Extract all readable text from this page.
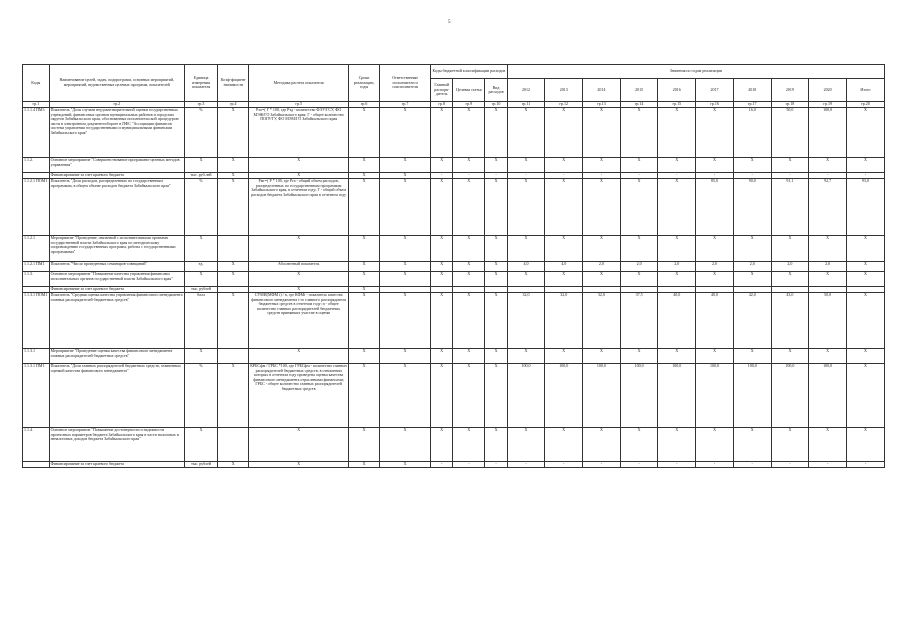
5
Коды	Наименование целей, задач, подпрограмм, основных мероприятий, мероприятий, ведомственных целевых программ, показателей	Единица измерения показателя	Коэф-фициент значимости	Методика расчета показателя	Сроки реализации, годы	Ответственные исполнители и соисполнители	Коды бюджетной классификации расходов			Значения по годам реализации									
							Главный распоря- дитель	Целевая статья	Вид расходов	2012	2013	2014	2015	2016	2017	2018	2019	2020	Итого
гр.1	гр.2	гр.3	гр.4	гр.5	гр.6	гр.7	гр.8	гр.9	гр.10	гр.11	гр.12	гр.13	гр.14	гр.15	гр.16	гр.17	гр.18	гр.19	гр.20
1.1.1.4 ПМ3	Показатель "Доля случаев неудовлетворительной оценки государственных учреждений, финансовых органов муниципальных районов и городских округов Забайкальского края, обоснованных исполнительской процедурою части в электронном документообороте в ПФС "Ассоциации финансов система управления государственными и муниципальными финансами Забайкальского края"	%	X	Рэо=( Г * 100, где Рэд - количество ФЭУ/ГСУ, ФО МЭЖ/ГО Забайкальского края; Г - общее количество ПОГР/ГУ, ФО МЭМ/ГО Забайкальского края	X	X	X	X	X	X	X	X	X	X	X	16,0	50,0	100,0	X
1.1.2.	Основное мероприятие "Совершенствование программно-целевых методов управления"	X	X	X	X	X	X	X	X	X	X	X	X	X	X	X	X	X	X
	Финансирование за счет краевого бюджета	тыс. руб.лей	X	X	X	X	-	-	-	-	-	-	-	-	-	-	-	-	-
1.1.2.1 ПОМ1	Показатель "Доля расходов, распределенных по государственным программам, в общем объеме расходов бюджета Забайкальского края"	%	X	Рмг=( Р * 100, где Рга - общий объем расходов, распределенных по государственным программам Забайкальского края, в отчетном году; Г - общий объем расходов бюджета Забайкальского края в отчетном году	X	X	X	X	X	X	X	X	X	X	85,0	90,0	91,1	92,7	93,0
1.1.2.1	Мероприятие "Проведение, связанной с исполнительными органами государственной власти Забайкальского края по методическому сопровождению государственных программ, работы с государственными программами"	X		X	X	X	X	X	X	X	X	X	X	X	X	X	X	X	X
1.1.2.1 ПМ1	Показатель "Число проведенных семинаров-совещаний"	ед.	X	Абсолютный показатель	X	X	X	X	X	4,0	4,0	2,0	2,0	2,0	2,0	2,0	2,0	2,0	X
1.1.3.	Основное мероприятие "Повышение качества управления финансами исполнительных органов государственной власти Забайкальского края"	X	X	X	X	X	X	X	X	X	X	X	X	X	X	X	X	X	X
	Финансирование за счет краевого бюджета	тыс. рублей		X	X														
1.1.3.1 ПОМ1	Показатель "Средняя оценка качества управления финансового менеджмента главных распорядителей бюджетных средств"	балл	X	СУМИ(МФМ i) / n, где КФМi - показатель качества финансового менеджмента i-го главного распорядителя бюджетных средств в отчетном году; n - общее количество главных распорядителей бюджетных средств принявших участие в оценке	X	X	X	X	X	32,0	32,0	32,0	37,5	40,0	40,0	42,0	43,0	50,0	X
1.1.3.1	Мероприятие "Проведение оценки качества финансового менеджмента главных распорядителей бюджетных средств"	X		X	X	X	X	X	X	X	X	X	X	X	X	X	X	X	X
1.1.3.1 ПМ1	Показатель "Доля главных распорядителей бюджетных средств, охваченных оценкой качества финансового менеджмента"	%	X	КРБСфм / ГРБС *100, где ГРБСфм - количество главных распорядителей бюджетных средств, в отношении которых в отчетном году проведена оценка качества финансового менеджмента отраслевыми финансами; ГРБС - общее количество главных распорядителей бюджетных средств	X	X	X	X	X	100,0	100,0	100,0	100,0	100,0	100,0	100,0	100,0	100,0	X
1.1.4.	Основное мероприятие "Повышение достоверности и надежности прогнозных параметров бюджета Забайкальского края в части налоговых и неналоговых доходов бюджета Забайкальского края"	X		X	X	X	X	X	X	X	X	X	X	X	X	X	X	X	X
	Финансирование за счет краевого бюджета	тыс. рублей	X	X	X	X	-	-	-	-	-	-	-	-	-	-	-	-	-
